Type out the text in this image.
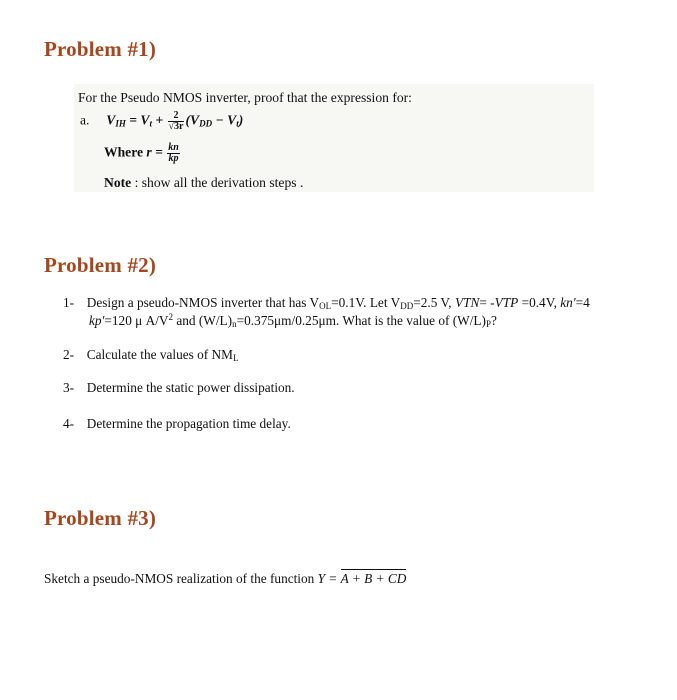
Problem #1)
For the Pseudo NMOS inverter, proof that the expression for:
a. $V_{IH} = V_t + \frac{2}{√3r} (V_{DD} - V_t)$
Where $r = \frac{kn}{kp}$
Note : show all the derivation steps .
Problem #2)
1- Design a pseudo-NMOS inverter that has VOL=0.1V. Let VDD=2.5 V, VTN= -VTP =0.4V, kn'=4
kp'=120 μ $A/V^2$ and (W/L)n=0.375μm/0.25μm. What is the value of (W/L)P?
2- Calculate the values of NML
3- Determine the static power dissipation.
4- Determine the propagation time delay.
Problem #3)
Sketch a pseudo-NMOS realization of the function Y = A + B + CD
